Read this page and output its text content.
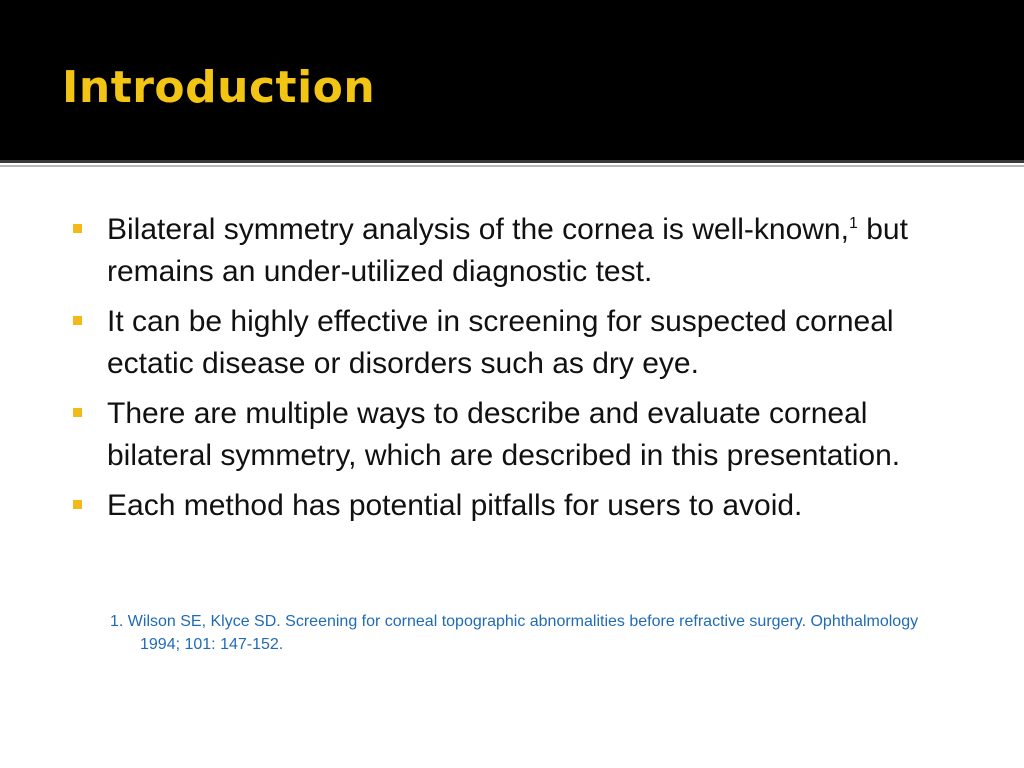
Introduction
Bilateral symmetry analysis of the cornea is well-known,$^1$ but remains an under-utilized diagnostic test.
It can be highly effective in screening for suspected corneal ectatic disease or disorders such as dry eye.
There are multiple ways to describe and evaluate corneal bilateral symmetry, which are described in this presentation.
Each method has potential pitfalls for users to avoid.

1. Wilson SE, Klyce SD. Screening for corneal topographic abnormalities before refractive surgery. Ophthalmology 1994; 101: 147-152.
